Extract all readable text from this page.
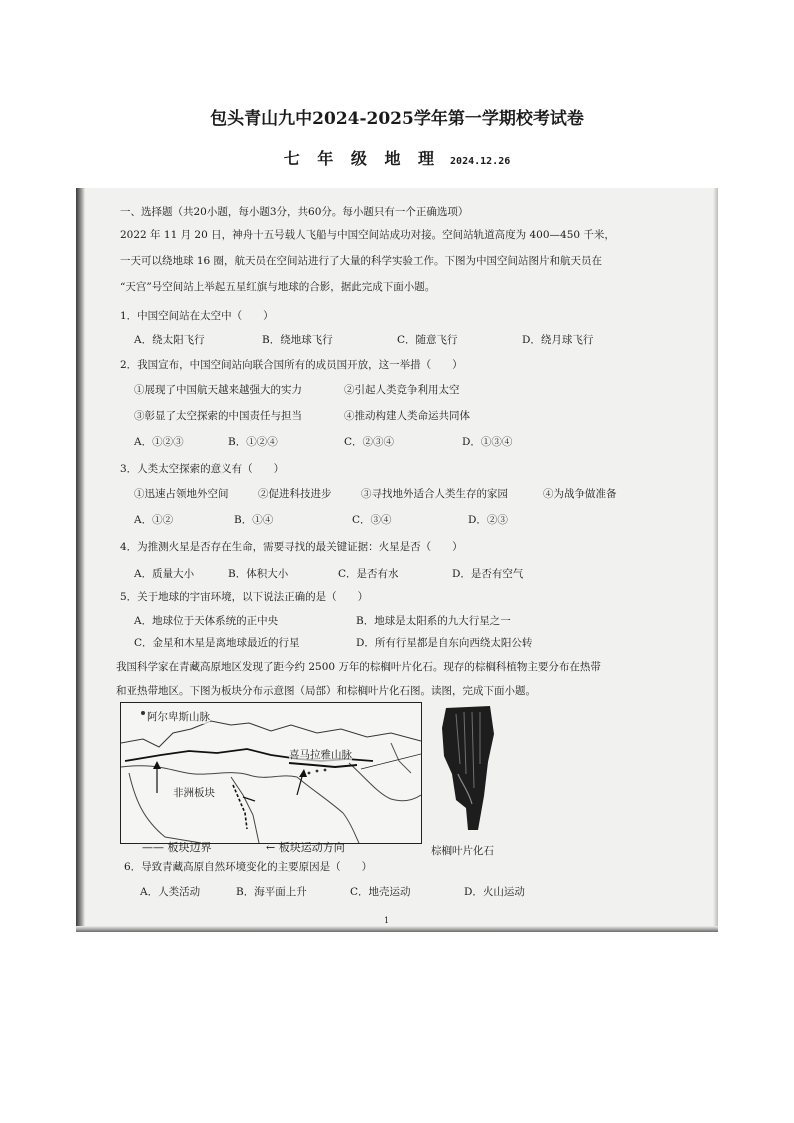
包头青山九中2024-2025学年第一学期校考试卷
七 年 级 地 理 2024.12.26
一、选择题（共20小题，每小题3分，共60分。每小题只有一个正确选项）
2022 年 11 月 20 日，神舟十五号载人飞船与中国空间站成功对接。空间站轨道高度为 400—450 千米，
一天可以绕地球 16 圈，航天员在空间站进行了大量的科学实验工作。下图为中国空间站图片和航天员在
“天宫”号空间站上举起五星红旗与地球的合影，据此完成下面小题。
1．中国空间站在太空中（　　）
A．绕太阳飞行	B．绕地球飞行	C．随意飞行	D．绕月球飞行
2．我国宣布，中国空间站向联合国所有的成员国开放，这一举措（　　）
①展现了中国航天越来越强大的实力	②引起人类竞争利用太空
③彰显了太空探索的中国责任与担当	④推动构建人类命运共同体
A．①②③	B．①②④	C．②③④	D．①③④
3．人类太空探索的意义有（　　）
①迅速占领地外空间	②促进科技进步	③寻找地外适合人类生存的家园	④为战争做准备
A．①②	B．①④	C．③④	D．②③
4．为推测火星是否存在生命，需要寻找的最关键证据：火星是否（　　）
A．质量大小	B．体积大小	C．是否有水	D．是否有空气
5．关于地球的宇宙环境，以下说法正确的是（　　）
A．地球位于天体系统的正中央	B．地球是太阳系的九大行星之一
C．金星和木星是离地球最近的行星	D．所有行星都是自东向西绕太阳公转
我国科学家在青藏高原地区发现了距今约 2500 万年的棕榈叶片化石。现存的棕榈科植物主要分布在热带
和亚热带地区。下图为板块分布示意图（局部）和棕榈叶片化石图。读图，完成下面小题。
阿尔卑斯山脉
喜马拉雅山脉
非洲板块
—— 板块边界	← 板块运动方向	棕榈叶片化石
6．导致青藏高原自然环境变化的主要原因是（　　）
A．人类活动	B．海平面上升	C．地壳运动	D．火山运动
1
